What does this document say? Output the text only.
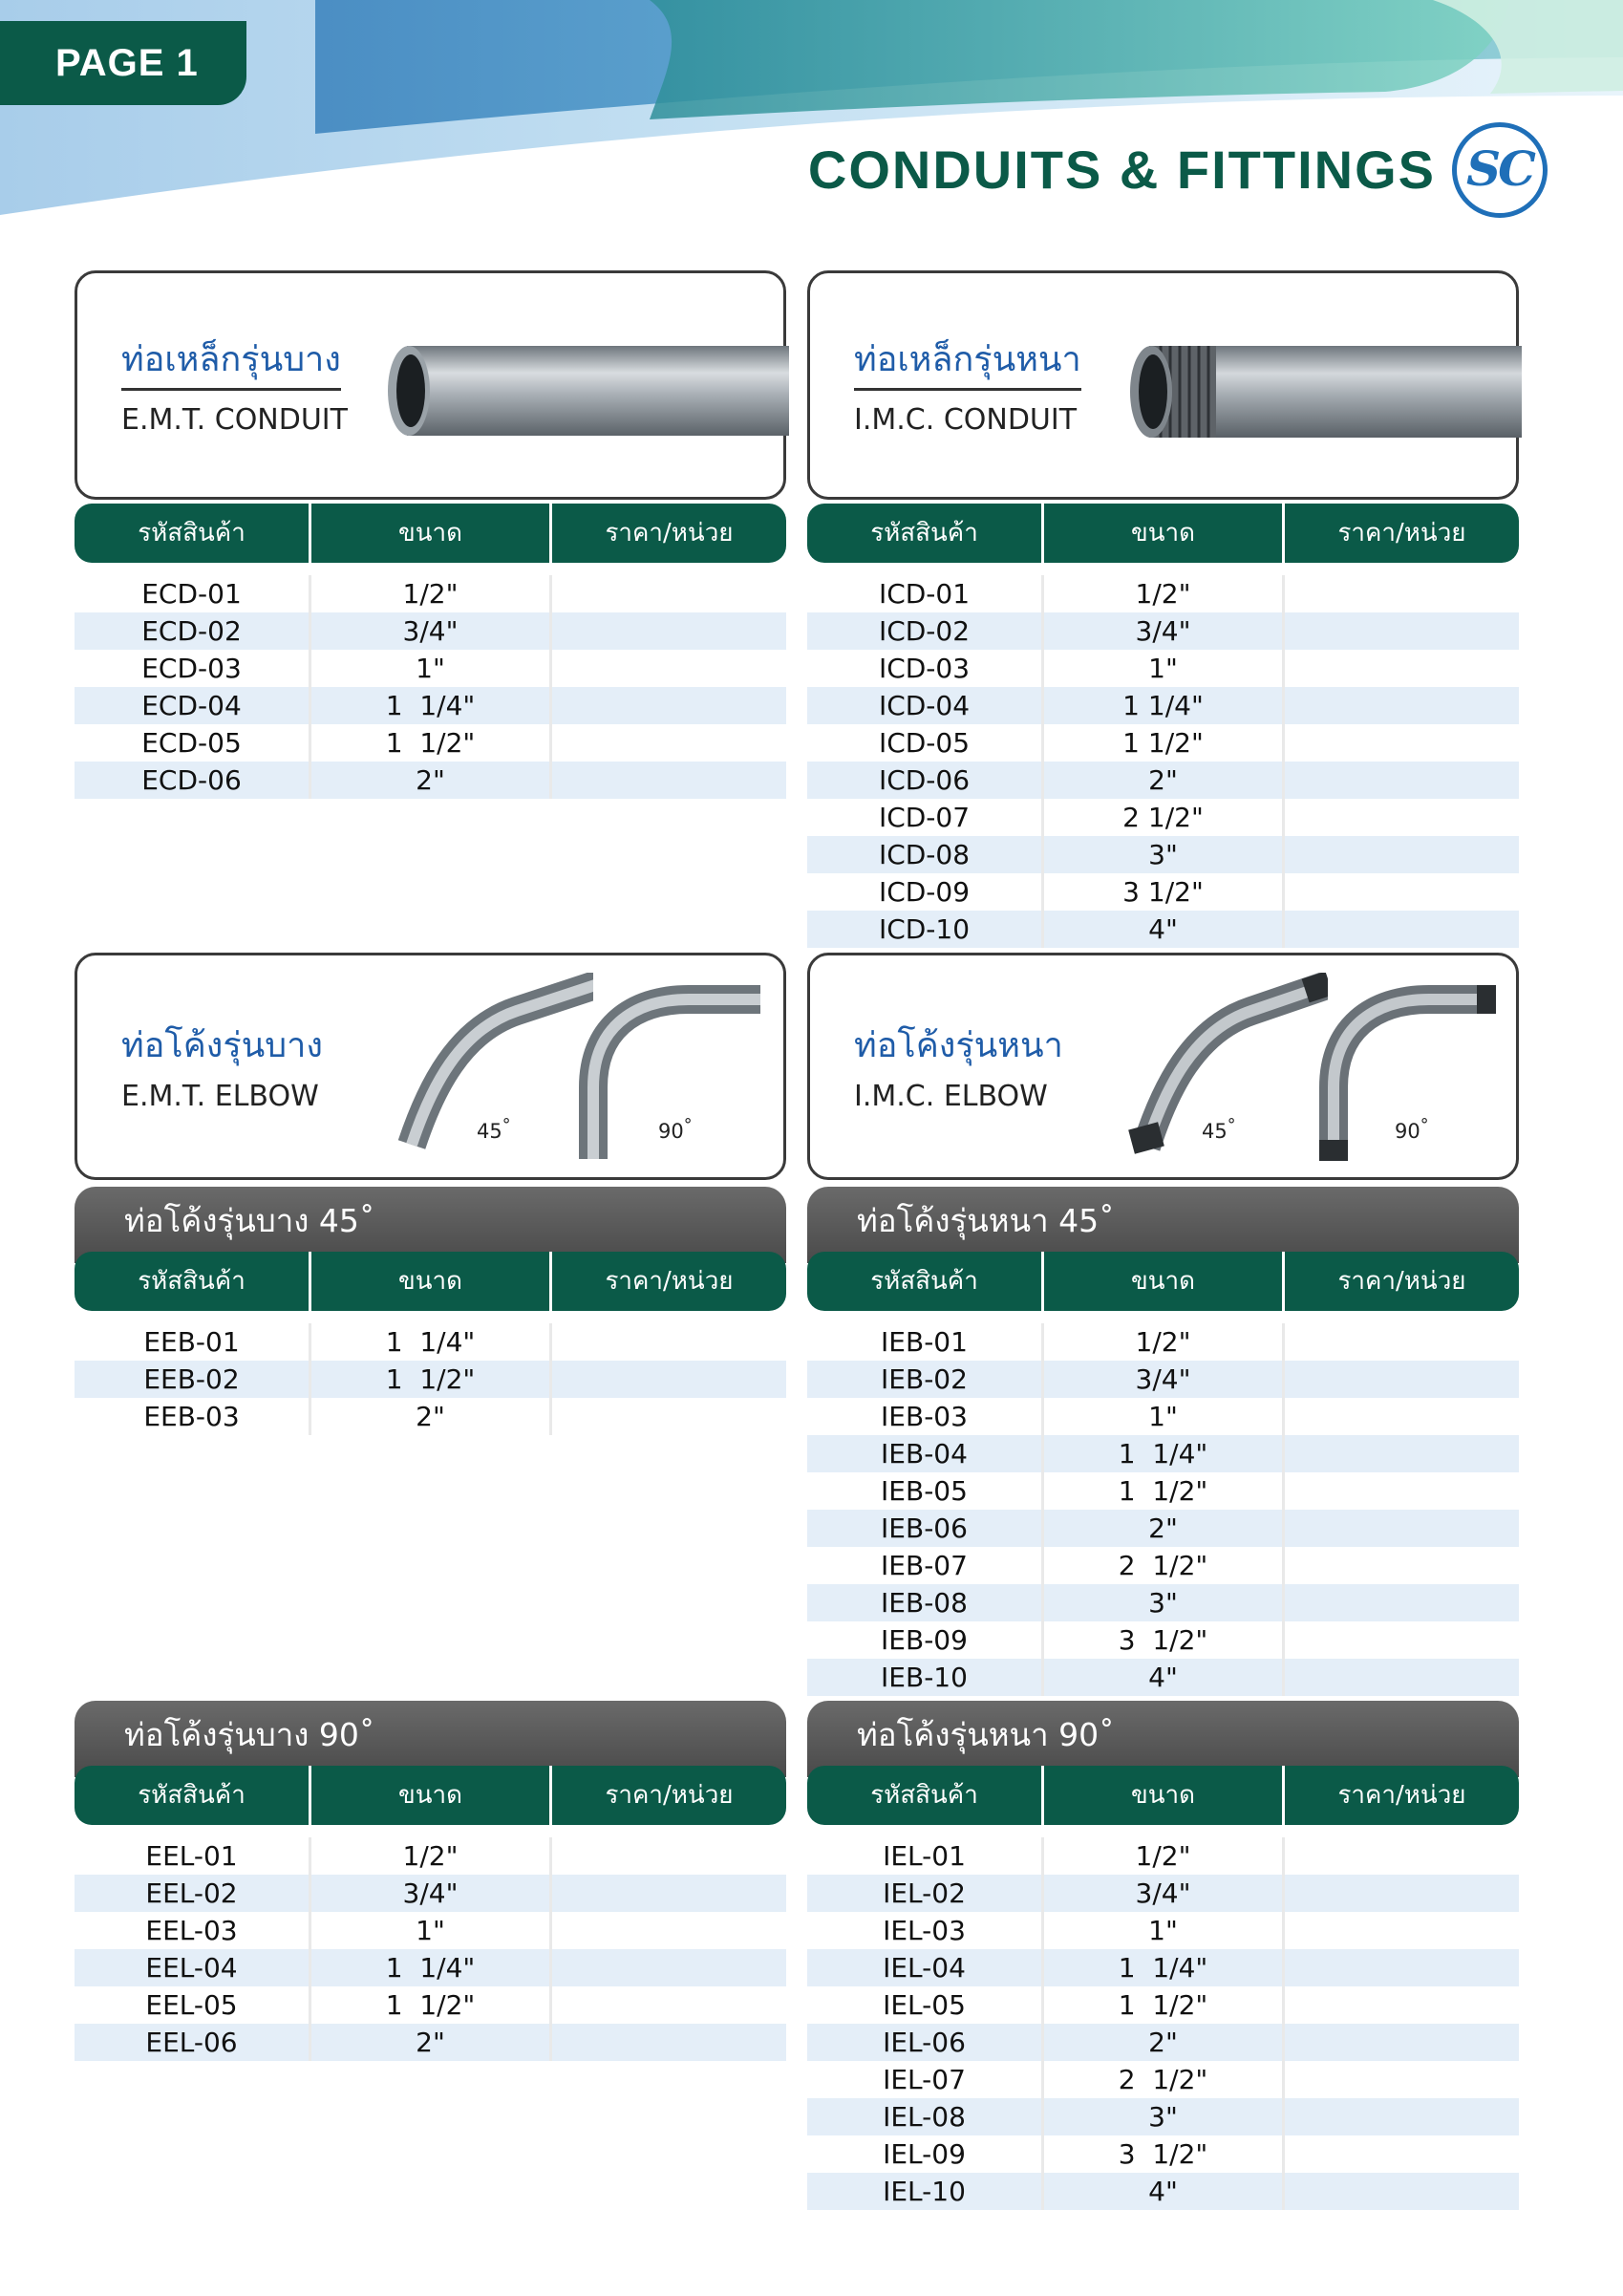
PAGE 1
CONDUITS & FITTINGS SC
ท่อเหล็กรุ่นบาง
E.M.T. CONDUIT
ท่อเหล็กรุ่นหนา
I.M.C. CONDUIT
รหัสสินค้า	ขนาด	ราคา/หน่วย
ECD-01	1/2"
ECD-02	3/4"
ECD-03	1"
ECD-04	1  1/4"
ECD-05	1  1/2"
ECD-06	2"
รหัสสินค้า	ขนาด	ราคา/หน่วย
ICD-01	1/2"
ICD-02	3/4"
ICD-03	1"
ICD-04	1 1/4"
ICD-05	1 1/2"
ICD-06	2"
ICD-07	2 1/2"
ICD-08	3"
ICD-09	3 1/2"
ICD-10	4"
ท่อโค้งรุ่นบาง
E.M.T. ELBOW
45°	90°
ท่อโค้งรุ่นหนา
I.M.C. ELBOW
45°	90°
ท่อโค้งรุ่นบาง 45˚
รหัสสินค้า	ขนาด	ราคา/หน่วย
EEB-01	1  1/4"
EEB-02	1  1/2"
EEB-03	2"
ท่อโค้งรุ่นหนา 45˚
รหัสสินค้า	ขนาด	ราคา/หน่วย
IEB-01	1/2"
IEB-02	3/4"
IEB-03	1"
IEB-04	1  1/4"
IEB-05	1  1/2"
IEB-06	2"
IEB-07	2  1/2"
IEB-08	3"
IEB-09	3  1/2"
IEB-10	4"
ท่อโค้งรุ่นบาง 90˚
รหัสสินค้า	ขนาด	ราคา/หน่วย
EEL-01	1/2"
EEL-02	3/4"
EEL-03	1"
EEL-04	1  1/4"
EEL-05	1  1/2"
EEL-06	2"
ท่อโค้งรุ่นหนา 90˚
รหัสสินค้า	ขนาด	ราคา/หน่วย
IEL-01	1/2"
IEL-02	3/4"
IEL-03	1"
IEL-04	1  1/4"
IEL-05	1  1/2"
IEL-06	2"
IEL-07	2  1/2"
IEL-08	3"
IEL-09	3  1/2"
IEL-10	4"
